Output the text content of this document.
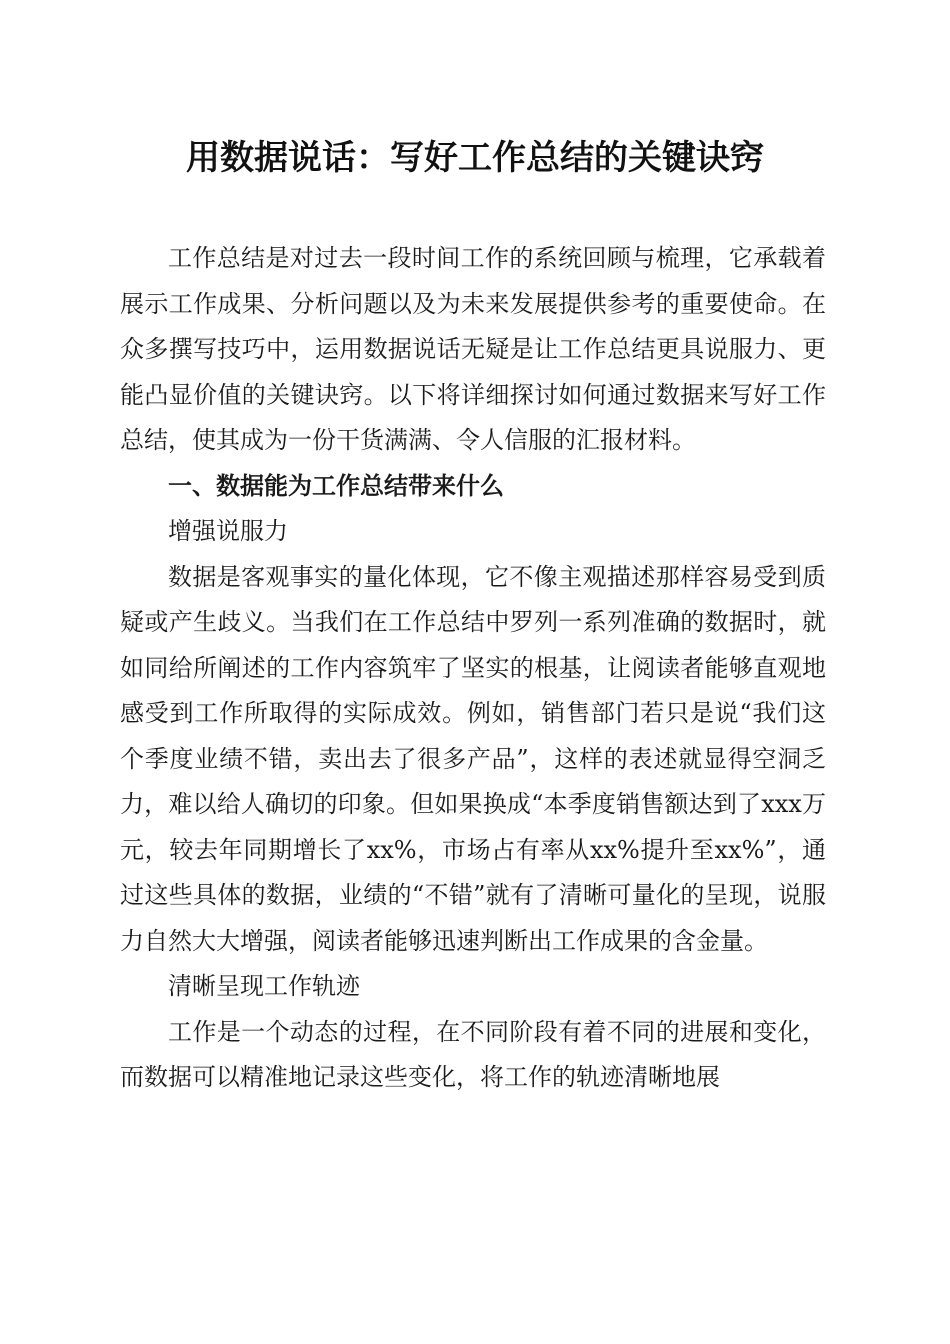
用数据说话：写好工作总结的关键诀窍

工作总结是对过去一段时间工作的系统回顾与梳理，它承载着展示工作成果、分析问题以及为未来发展提供参考的重要使命。在众多撰写技巧中，运用数据说话无疑是让工作总结更具说服力、更能凸显价值的关键诀窍。以下将详细探讨如何通过数据来写好工作总结，使其成为一份干货满满、令人信服的汇报材料。

一、数据能为工作总结带来什么

增强说服力

数据是客观事实的量化体现，它不像主观描述那样容易受到质疑或产生歧义。当我们在工作总结中罗列一系列准确的数据时，就如同给所阐述的工作内容筑牢了坚实的根基，让阅读者能够直观地感受到工作所取得的实际成效。例如，销售部门若只是说“我们这个季度业绩不错，卖出去了很多产品”，这样的表述就显得空洞乏力，难以给人确切的印象。但如果换成“本季度销售额达到了xxx万元，较去年同期增长了xx%，市场占有率从xx%提升至xx%”，通过这些具体的数据，业绩的“不错”就有了清晰可量化的呈现，说服力自然大大增强，阅读者能够迅速判断出工作成果的含金量。

清晰呈现工作轨迹

工作是一个动态的过程，在不同阶段有着不同的进展和变化，而数据可以精准地记录这些变化，将工作的轨迹清晰地展
